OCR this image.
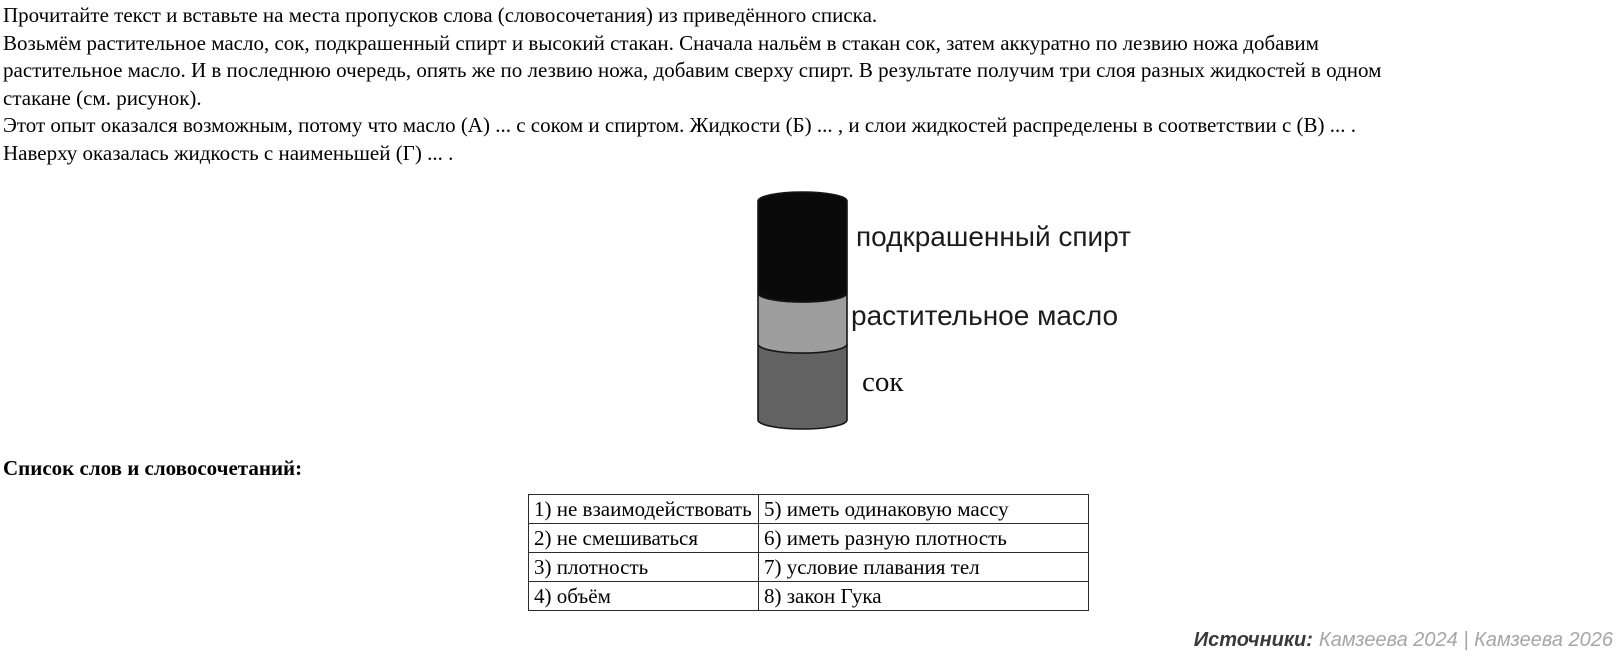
Прочитайте текст и вставьте на места пропусков слова (словосочетания) из приведённого списка.
Возьмём растительное масло, сок, подкрашенный спирт и высокий стакан. Сначала нальём в стакан сок, затем аккуратно по лезвию ножа добавим
растительное масло. И в последнюю очередь, опять же по лезвию ножа, добавим сверху спирт. В результате получим три слоя разных жидкостей в одном
стакане (см. рисунок).
Этот опыт оказался возможным, потому что масло (А) ... с соком и спиртом. Жидкости (Б) ... , и слои жидкостей распределены в соответствии с (В) ... .
Наверху оказалась жидкость с наименьшей (Г) ... .
подкрашенный спирт
растительное масло
сок
Список слов и словосочетаний:
1) не взаимодействовать	5) иметь одинаковую массу
2) не смешиваться	6) иметь разную плотность
3) плотность	7) условие плавания тел
4) объём	8) закон Гука
Источники: Камзеева 2024 | Камзеева 2026
